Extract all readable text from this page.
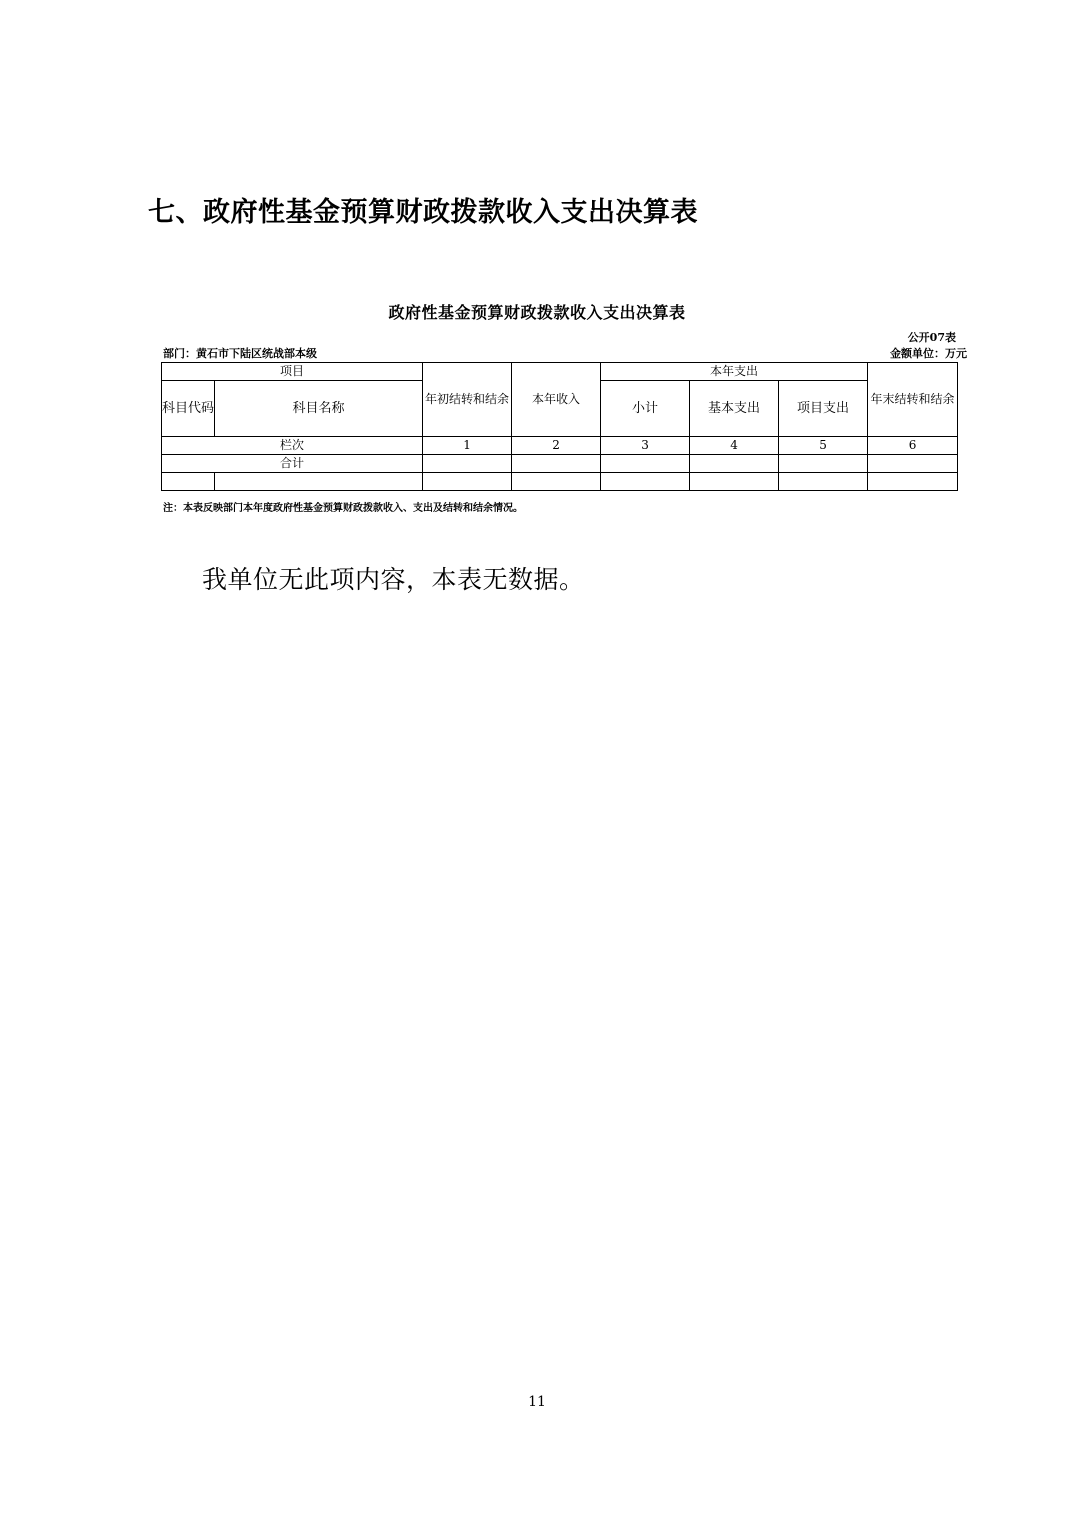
七、政府性基金预算财政拨款收入支出决算表
政府性基金预算财政拨款收入支出决算表
公开07表
部门：黄石市下陆区统战部本级	金额单位：万元
项目		年初结转和结余	本年收入	本年支出			年末结转和结余
科目代码	科目名称			小计	基本支出	项目支出	
栏次		1	2	3	4	5	6
合计							

注：本表反映部门本年度政府性基金预算财政拨款收入、支出及结转和结余情况。
我单位无此项内容，本表无数据。
11
